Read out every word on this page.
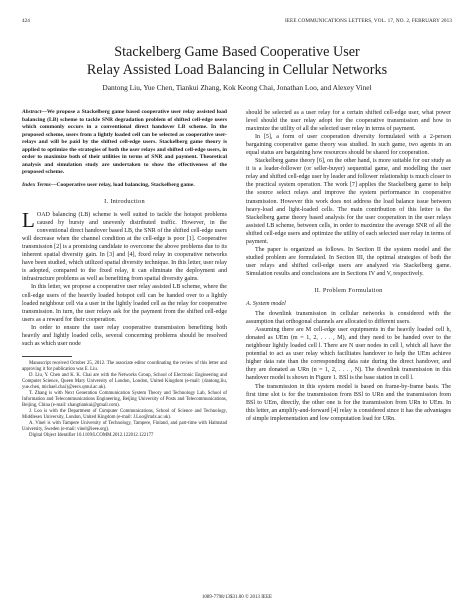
424	IEEE COMMUNICATIONS LETTERS, VOL. 17, NO. 2, FEBRUARY 2013
Stackelberg Game Based Cooperative User
Relay Assisted Load Balancing in Cellular Networks
Dantong Liu, Yue Chen, Tiankui Zhang, Kok Keong Chai, Jonathan Loo, and Alexey Vinel
Abstract—We propose a Stackelberg game based cooperative user relay assisted load balancing (LB) scheme to tackle SNR degradation problem of shifted cell-edge users which commonly occurs in a conventional direct handover LB scheme. In the proposed scheme, users from a lightly loaded cell can be selected as cooperative user-relays and will be paid by the shifted cell-edge users. Stackelberg game theory is applied to optimize the strategies of both the user relays and shifted cell-edge users, in order to maximize both of their utilities in terms of SNR and payment. Theoretical analysis and simulation study are undertaken to show the effectiveness of the proposed scheme.
Index Terms—Cooperative user relay, load balancing, Stackelberg game.
I. Introduction

LOAD balancing (LB) scheme is well suited to tackle the hotspot problems caused by bursty and unevenly distributed traffic. However, in the conventional direct handover based LB, the SNR of the shifted cell-edge users will decrease when the channel condition at the cell-edge is poor [1]. Cooperative transmission [2] is a promising candidate to overcome the above problems due to its inherent spatial diversity gain. In [3] and [4], fixed relay in cooperative networks have been studied, which utilized spatial diversity technique. In this letter, user relay is adopted, compared to the fixed relay, it can eliminate the deployment and infrastructure problems as well as benefiting from spatial diversity gains.

In this letter, we propose a cooperative user relay assisted LB scheme, where the cell-edge users of the heavily loaded hotspot cell can be handed over to a lightly loaded neighbour cell via a user in the lightly loaded cell as the relay for cooperative transmission. In turn, the user relays ask for the payment from the shifted cell-edge users as a reward for their cooperation.

In order to ensure the user relay cooperative transmission benefiting both heavily and lightly loaded cells, several concerning problems should be resolved such as which user node

Manuscript received October 25, 2012. The associate editor coordinating the review of this letter and approving it for publication was E. Liu.

D. Liu, Y. Chen and K. K. Chai are with the Networks Group, School of Electronic Engineering and Computer Science, Queen Mary University of London, London, United Kingdom (e-mail: {dantong.liu, yue.chen, michael.chai}@eecs.qmul.ac.uk).

T. Zhang is with Next Generation Communication System Theory and Technology Lab, School of Information and Telecommunications Engineering, Beijing University of Posts and Telecommunications, Beijing, China (e-mail: zhangtiankui@gmail.com).

J. Loo is with the Department of Computer Communications, School of Science and Technology, Middlesex University, London, United Kingdom (e-mail: J.Loo@mdx.ac.uk).

A. Vinel is with Tampere University of Technology, Tampere, Finland, and part-time with Halmstad University, Sweden (e-mail: vinel@ieee.org).

Digital Object Identifier 10.1109/LCOMM.2012.122012.122177

should be selected as a user relay for a certain shifted cell-edge user, what power level should the user relay adopt for the cooperative transmission and how to maximize the utility of all the selected user relay in terms of payment.

In [5], a form of user cooperation diversity formulated with a 2-person bargaining cooperative game theory was studied. In such game, two agents in an equal status are bargaining how resources should be shared for cooperation.

Stackelberg game theory [6], on the other hand, is more suitable for our study as it is a leader-follower (or seller-buyer) sequential game, and modelling the user relay and shifted cell-edge user by leader and follower relationship is much closer to the practical system operation. The work [7] applies the Stackelberg game to help the source select relays and improve the system performance in cooperative transmission. However this work does not address the load balance issue between heavy-load and light-loaded cells. The main contribution of this letter is the Stackelberg game theory based analysis for the user cooperation in the user relays assisted LB scheme, between cells, in order to maximize the average SNR of all the shifted cell-edge users and optimize the utility of each selected user relay in terms of payment.

The paper is organized as follows. In Section II the system model and the studied problem are formulated. In Section III, the optimal strategies of both the user relays and shifted cell-edge users are analyzed via Stackelberg game. Simulation results and conclusions are in Sections IV and V, respectively.

II. Problem Formulation
A. System model

The downlink transmission in cellular networks is considered with the assumption that orthogonal channels are allocated to different users.

Assuming there are M cell-edge user equipments in the heavily loaded cell h, donated as UEm (m = 1, 2, . . . , M), and they need to be handed over to the neighbour lightly loaded cell l. There are N user nodes in cell l, which all have the potential to act as user relay which facilitates handover to help the UEm achieve higher data rate than the corresponding data rate during the direct handover, and they are donated as URn (n = 1, 2, . . . , N). The downlink transmission in this handover model is shown in Figure 1. BSl is the base station in cell l.

The transmission in this system model is based on frame-by-frame basis. The first time slot is for the transmission from BSl to URn and the transmission from BSl to UEm, directly, the other one is for the transmission from URn to UEm. In this letter, an amplify-and-forward [4] relay is considered since it has the advantages of simple implementation and low computation load for URn.

1089-7798/13$31.00 © 2013 IEEE
